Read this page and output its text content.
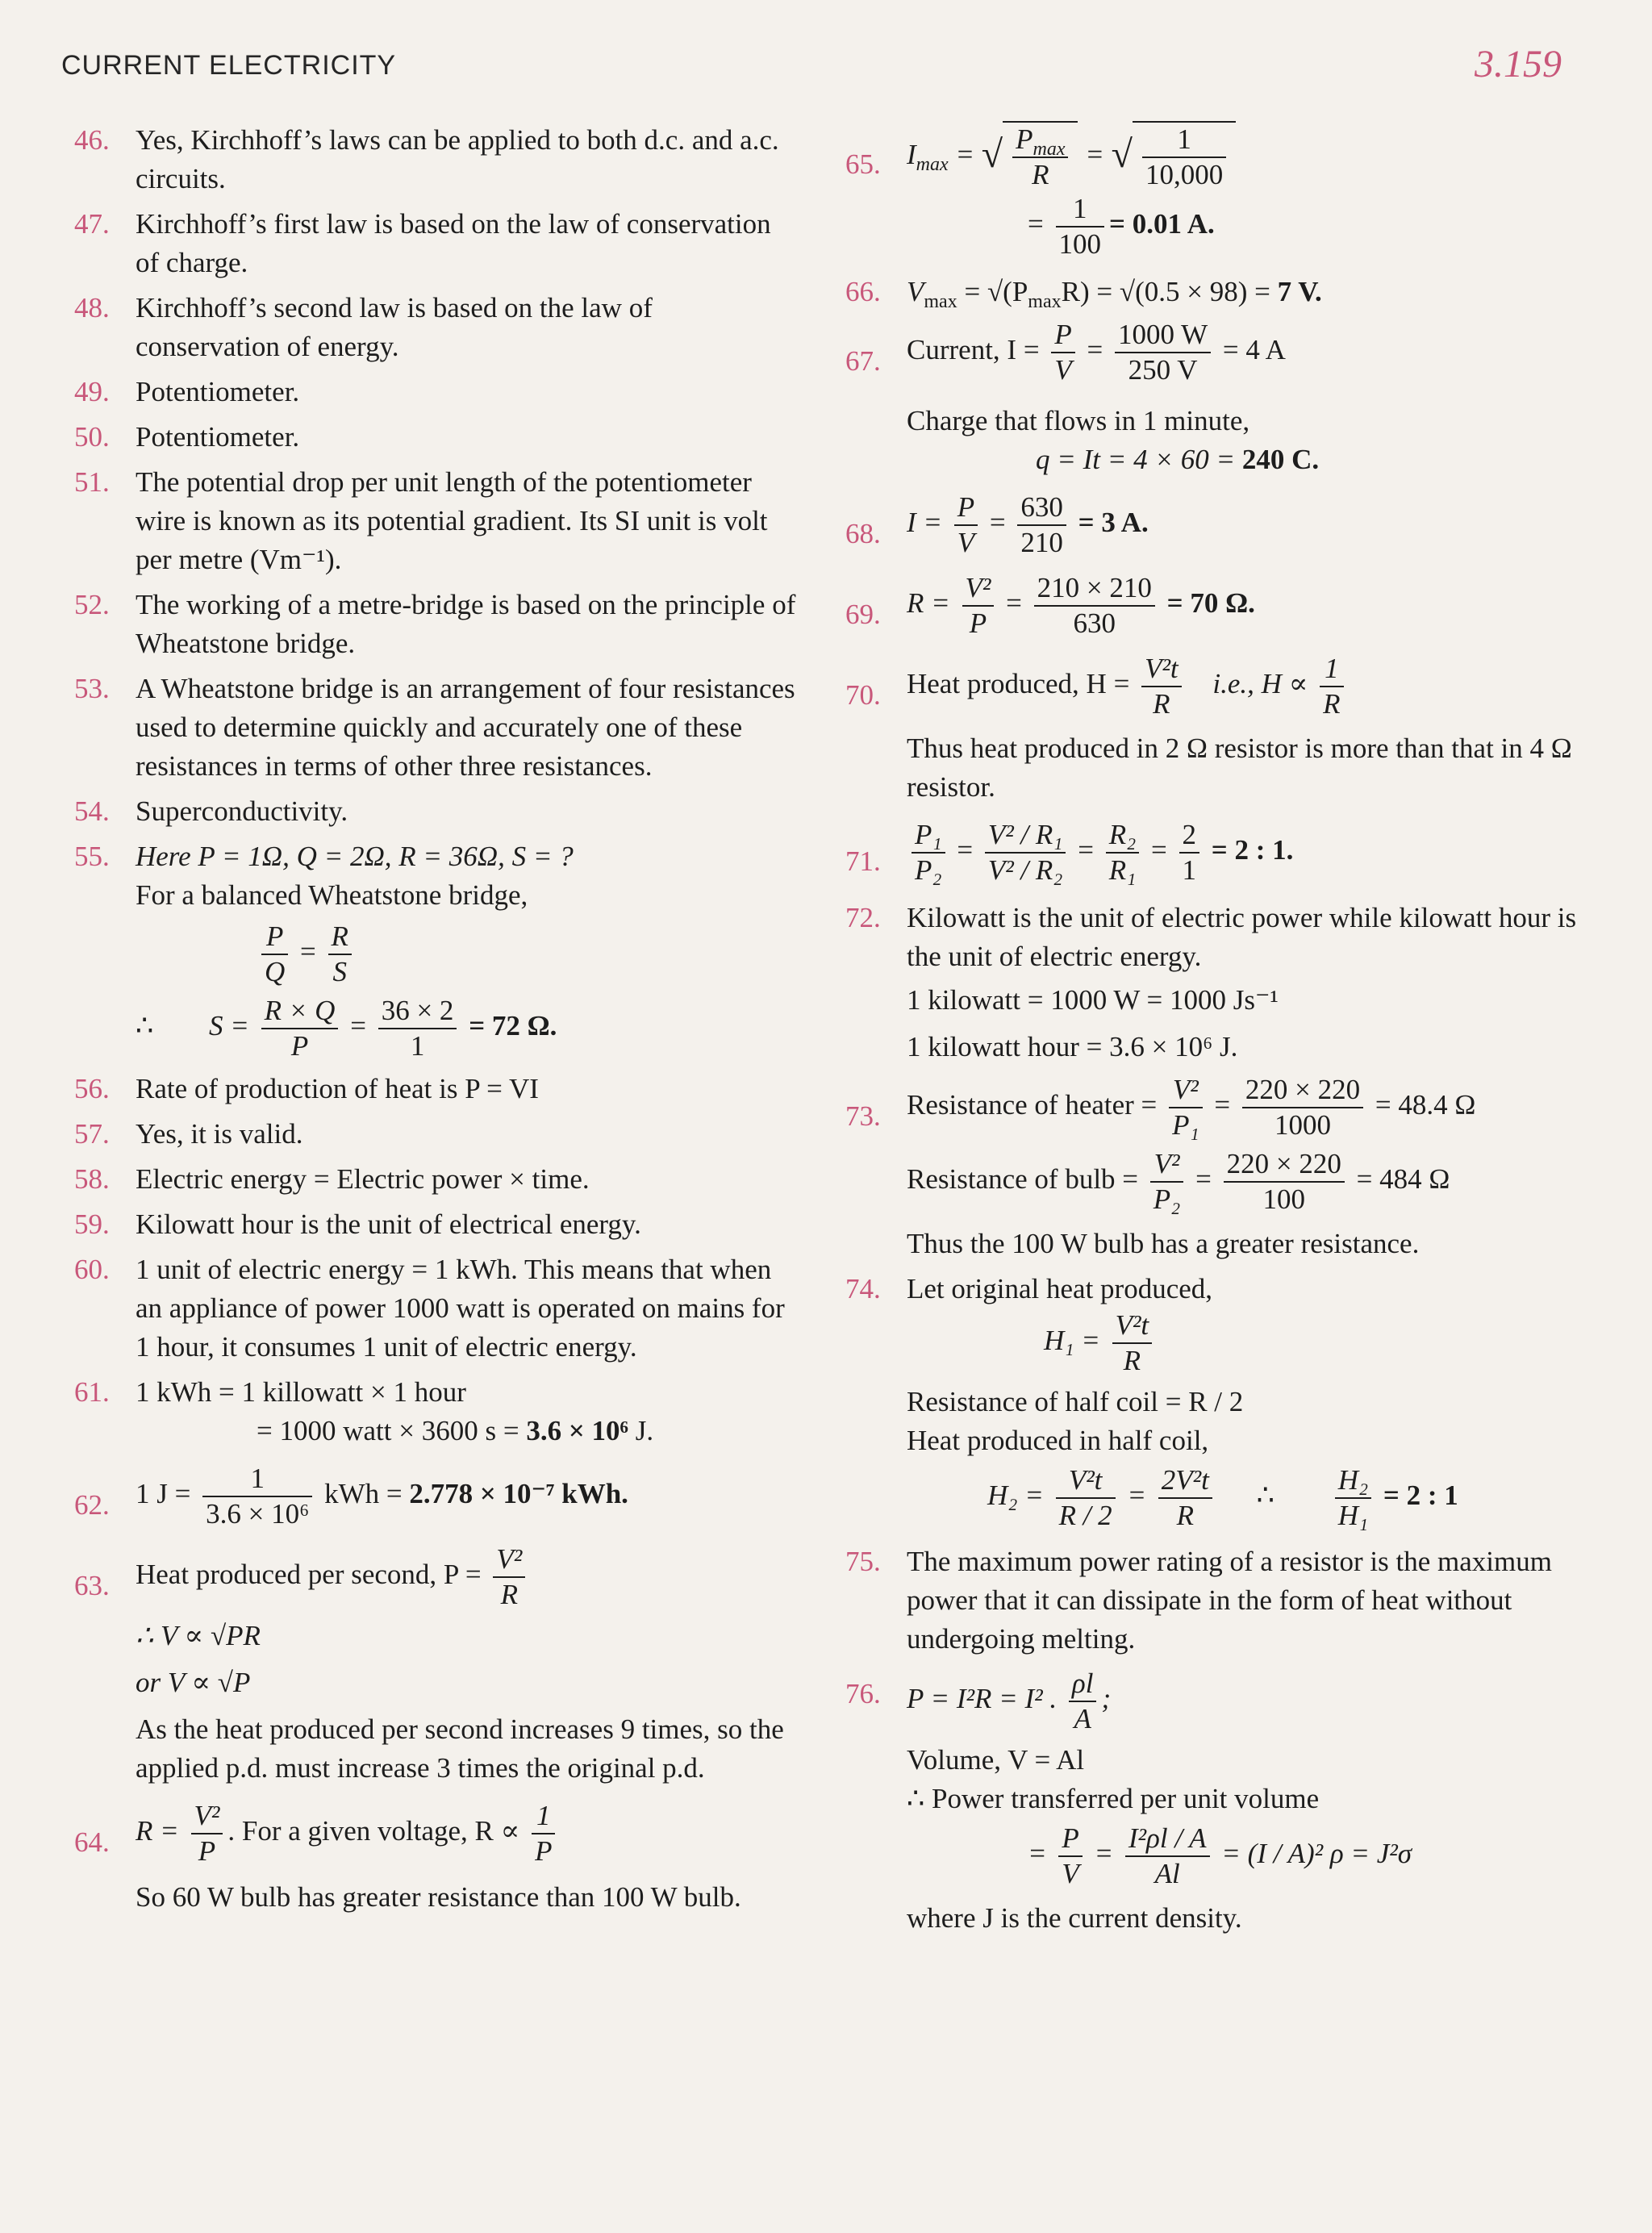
CURRENT ELECTRICITY	3.159
46. Yes, Kirchhoff’s laws can be applied to both d.c. and a.c. circuits.
47. Kirchhoff’s first law is based on the law of conservation of charge.
48. Kirchhoff’s second law is based on the law of conservation of energy.
49. Potentiometer.
50. Potentiometer.
51. The potential drop per unit length of the potentiometer wire is known as its potential gradient. Its SI unit is volt per metre (Vm⁻¹).
52. The working of a metre-bridge is based on the principle of Wheatstone bridge.
53. A Wheatstone bridge is an arrangement of four resistances used to determine quickly and accurately one of these resistances in terms of other three resistances.
54. Superconductivity.
55. Here P = 1Ω, Q = 2Ω, R = 36Ω, S = ?
For a balanced Wheatstone bridge,
$\frac{P}{Q} = \frac{R}{S}$
∴ $S = \frac{R \times Q}{P} = \frac{36 \times 2}{1} = 72$ Ω.
56. Rate of production of heat is P = VI
57. Yes, it is valid.
58. Electric energy = Electric power × time.
59. Kilowatt hour is the unit of electrical energy.
60. 1 unit of electric energy = 1 kWh. This means that when an appliance of power 1000 watt is operated on mains for 1 hour, it consumes 1 unit of electric energy.
61. 1 kWh = 1 killowatt × 1 hour
= 1000 watt × 3600 s = 3.6 × 10⁶ J.
62. 1 $J = \frac{1}{\text{3.6 × 10⁶}}$ kWh = 2.778 × 10⁻⁷ kWh.
63. Heat produced per second, $P = \frac{\text{V²}}{R}$
∴ V ∝ √PR
or V ∝ √P
As the heat produced per second increases 9 times, so the applied p.d. must increase 3 times the original p.d.
64. $R = \frac{\text{V²}}{P}$ . For a given voltage, $R \propto \frac{1}{P}$
So 60 W bulb has greater resistance than 100 W bulb.
65. $I_{max}$ = √ $\frac{P_{max}}{R}$ = √ $\frac{1}{10,000}$
= $\frac{1}{100} = 0.01$ A.
66. $V_{max} = √(P_{max}R) = √(0.5 \times 98) = 7$ V.
67. Current, $I = \frac{P}{V} = \frac{1000 W}{250 V} = 4$ A
Charge that flows in 1 minute,
q = It = 4 × 60 = 240 C.
68. $I = \frac{P}{V} = \frac{630}{210} = 3$ A.
69. $R = \frac{\text{V²}}{P} = \frac{210 \times 210}{630} = 70$ Ω.
70. Heat produced, $H = \frac{\text{V²t}}{R} i.e$., $H \propto \frac{1}{R}$
Thus heat produced in 2 Ω resistor is more than that in 4 Ω resistor.
71. $\frac{\text{P₁}}{\text{P₂}} = \frac{\text{V² / R₁}}{\text{V² / R₂}} = \frac{\text{R₂}}{\text{R₁}} = \frac{2}{1} = 2$ : 1.
72. Kilowatt is the unit of electric power while kilowatt hour is the unit of electric energy.
1 kilowatt = 1000 W = 1000 Js⁻¹
1 kilowatt hour = 3.6 × 10⁶ J.
73. Resistance of heater = $\frac{\text{V²}}{\text{P₁}} = \frac{220 \times 220}{1000} = 48.4$ Ω
Resistance of bulb = $\frac{\text{V²}}{\text{P₂}} = \frac{220 \times 220}{100} = 484$ Ω
Thus the 100 W bulb has a greater resistance.
74. Let original heat produced,
$H_1 = \frac{\text{V²t}}{R}$
Resistance of half coil = R / 2
Heat produced in half coil,
$H_2 = \frac{\text{V²t}}{R / 2} = \frac{\text{2V²t}}{R}$ ∴ $\frac{\text{H₂}}{\text{H₁}} = 2$ : 1
75. The maximum power rating of a resistor is the maximum power that it can dissipate in the form of heat without undergoing melting.
76. P = I²R = I² . $\frac{\rho l}{A}$ ;
Volume, V = Al
∴ Power transferred per unit volume
= $\frac{P}{V} = \frac{\text{I²ρl / A}}{Al} = (I / A)^2$ ρ = J²σ
where J is the current density.
